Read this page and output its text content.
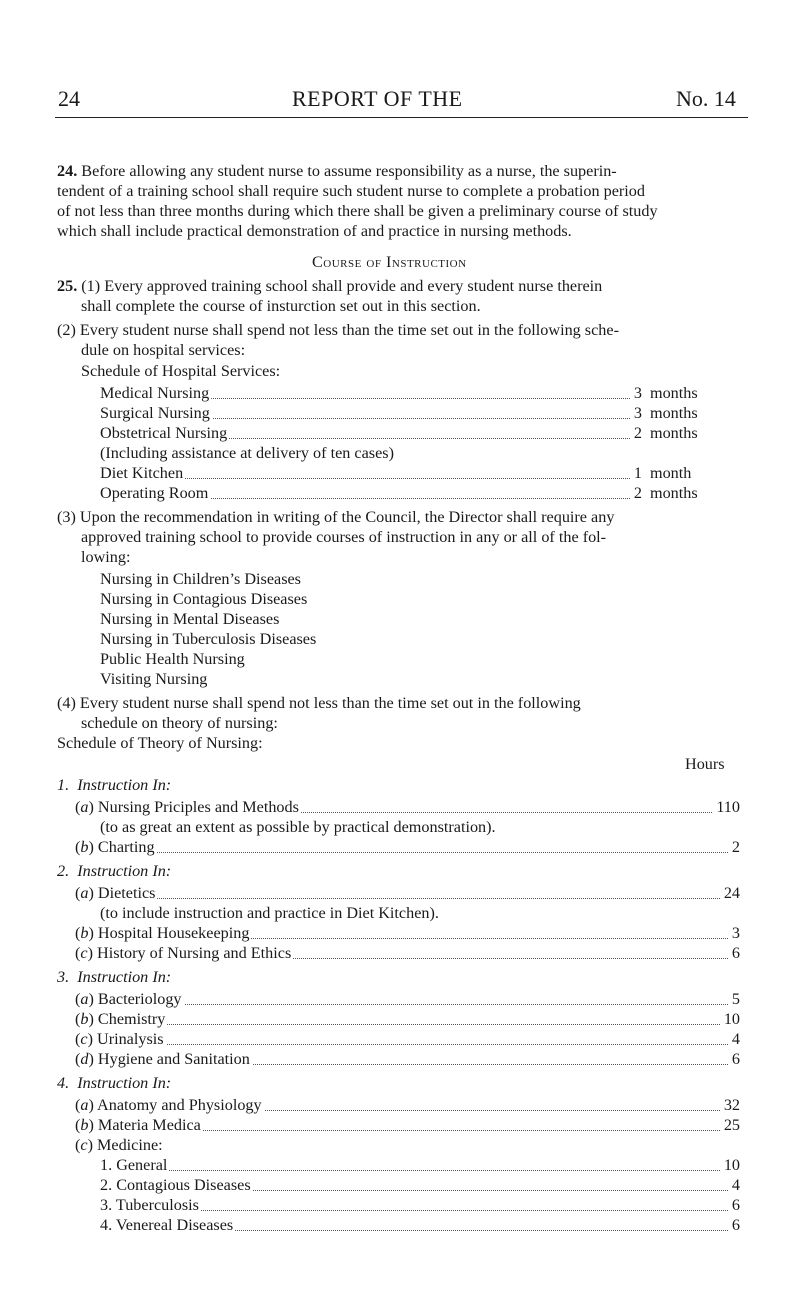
24	REPORT OF THE	No. 14
24. Before allowing any student nurse to assume responsibility as a nurse, the superin-
tendent of a training school shall require such student nurse to complete a probation period
of not less than three months during which there shall be given a preliminary course of study
which shall include practical demonstration of and practice in nursing methods.
Course of Instruction
25. (1) Every approved training school shall provide and every student nurse therein
shall complete the course of insturction set out in this section.
(2) Every student nurse shall spend not less than the time set out in the following sche-
dule on hospital services:
Schedule of Hospital Services:
Medical Nursing	3 months
Surgical Nursing	3 months
Obstetrical Nursing	2 months
(Including assistance at delivery of ten cases)
Diet Kitchen	1 month
Operating Room	2 months
(3) Upon the recommendation in writing of the Council, the Director shall require any
approved training school to provide courses of instruction in any or all of the fol-
lowing:
Nursing in Children’s Diseases
Nursing in Contagious Diseases
Nursing in Mental Diseases
Nursing in Tuberculosis Diseases
Public Health Nursing
Visiting Nursing
(4) Every student nurse shall spend not less than the time set out in the following
schedule on theory of nursing:
Schedule of Theory of Nursing:
Hours
1. Instruction In:
(a) Nursing Priciples and Methods	110
(to as great an extent as possible by practical demonstration).
(b) Charting	2
2. Instruction In:
(a) Dietetics	24
(to include instruction and practice in Diet Kitchen).
(b) Hospital Housekeeping	3
(c) History of Nursing and Ethics	6
3. Instruction In:
(a) Bacteriology	5
(b) Chemistry	10
(c) Urinalysis	4
(d) Hygiene and Sanitation	6
4. Instruction In:
(a) Anatomy and Physiology	32
(b) Materia Medica	25
(c) Medicine:
1. General	10
2. Contagious Diseases	4
3. Tuberculosis	6
4. Venereal Diseases	6
